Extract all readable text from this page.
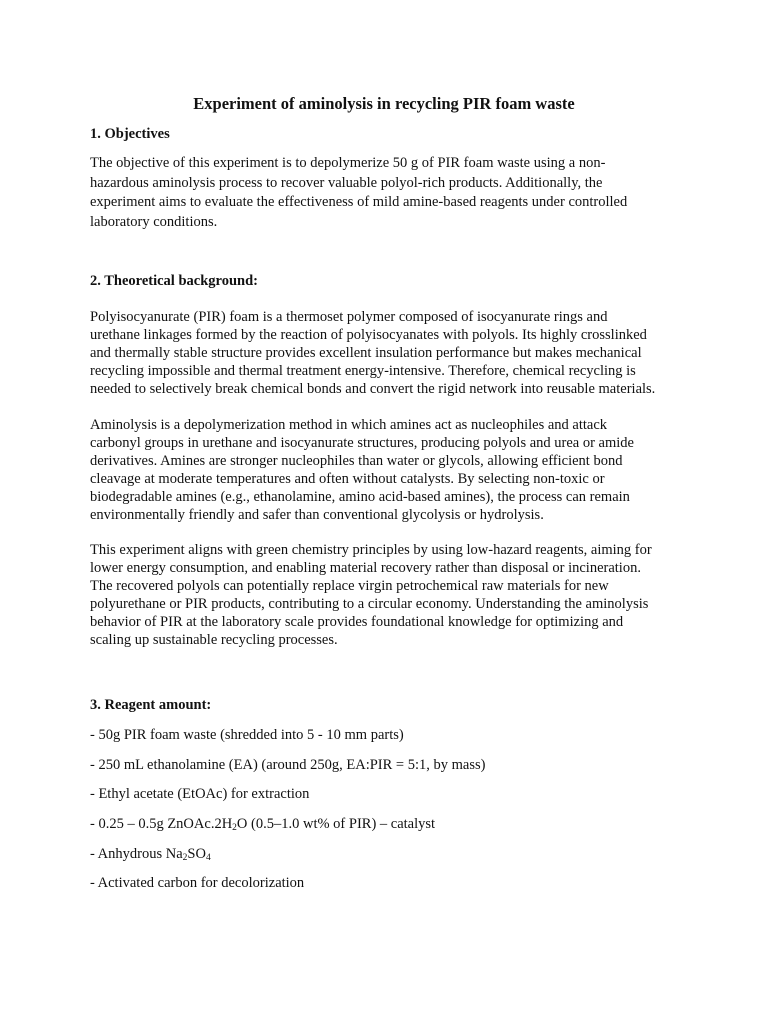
Experiment of aminolysis in recycling PIR foam waste
1. Objectives

The objective of this experiment is to depolymerize 50 g of PIR foam waste using a non-
hazardous aminolysis process to recover valuable polyol-rich products. Additionally, the
experiment aims to evaluate the effectiveness of mild amine-based reagents under controlled
laboratory conditions.

2. Theoretical background:

Polyisocyanurate (PIR) foam is a thermoset polymer composed of isocyanurate rings and
urethane linkages formed by the reaction of polyisocyanates with polyols. Its highly crosslinked
and thermally stable structure provides excellent insulation performance but makes mechanical
recycling impossible and thermal treatment energy-intensive. Therefore, chemical recycling is
needed to selectively break chemical bonds and convert the rigid network into reusable materials.

Aminolysis is a depolymerization method in which amines act as nucleophiles and attack
carbonyl groups in urethane and isocyanurate structures, producing polyols and urea or amide
derivatives. Amines are stronger nucleophiles than water or glycols, allowing efficient bond
cleavage at moderate temperatures and often without catalysts. By selecting non-toxic or
biodegradable amines (e.g., ethanolamine, amino acid-based amines), the process can remain
environmentally friendly and safer than conventional glycolysis or hydrolysis.

This experiment aligns with green chemistry principles by using low-hazard reagents, aiming for
lower energy consumption, and enabling material recovery rather than disposal or incineration.
The recovered polyols can potentially replace virgin petrochemical raw materials for new
polyurethane or PIR products, contributing to a circular economy. Understanding the aminolysis
behavior of PIR at the laboratory scale provides foundational knowledge for optimizing and
scaling up sustainable recycling processes.

3. Reagent amount:

- 50g PIR foam waste (shredded into 5 - 10 mm parts)

- 250 mL ethanolamine (EA) (around 250g, EA:PIR = 5:1, by mass)

- Ethyl acetate (EtOAc) for extraction

- 0.25 – 0.5g $ZnOAc.2H_2O$ (0.5–1.0 wt% of PIR) – catalyst

- Anhydrous $Na_2SO_4$

- Activated carbon for decolorization
